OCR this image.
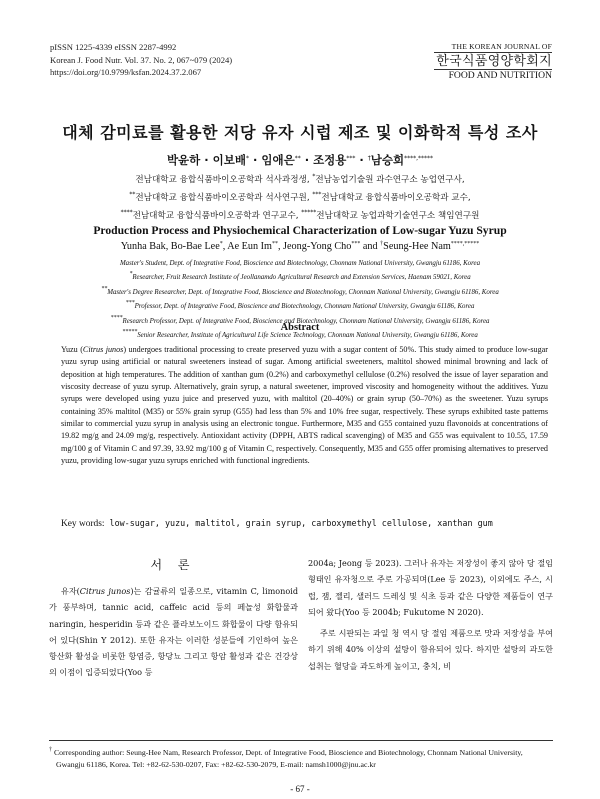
pISSN 1225-4339 eISSN 2287-4992
Korean J. Food Nutr. Vol. 37. No. 2, 067~079 (2024)
https://doi.org/10.9799/ksfan.2024.37.2.067
THE KOREAN JOURNAL OF
한국식품영양학회지
FOOD AND NUTRITION
대체 감미료를 활용한 저당 유자 시럽 제조 및 이화학적 특성 조사
박윤하 · 이보배* · 임애은** · 조정용*** · †남승희****,*****
전남대학교 융합식품바이오공학과 석사과정생, *전남농업기술원 과수연구소 농업연구사,
**전남대학교 융합식품바이오공학과 석사연구원, ***전남대학교 융합식품바이오공학과 교수,
****전남대학교 융합식품바이오공학과 연구교수, *****전남대학교 농업과학기술연구소 책임연구원
Production Process and Physiochemical Characterization of Low-sugar Yuzu Syrup
Yunha Bak, Bo-Bae Lee*, Ae Eun Im**, Jeong-Yong Cho*** and †Seung-Hee Nam****,*****
Master's Student, Dept. of Integrative Food, Bioscience and Biotechnology, Chonnam National University, Gwangju 61186, Korea
*Researcher, Fruit Research Institute of Jeollanamdo Agricultural Research and Extension Services, Haenam 59021, Korea
**Master's Degree Researcher, Dept. of Integrative Food, Bioscience and Biotechnology, Chonnam National University, Gwangju 61186, Korea
***Professor, Dept. of Integrative Food, Bioscience and Biotechnology, Chonnam National University, Gwangju 61186, Korea
****Research Professor, Dept. of Integrative Food, Bioscience and Biotechnology, Chonnam National University, Gwangju 61186, Korea
*****Senior Researcher, Institute of Agricultural Life Science Technology, Chonnam National University, Gwangju 61186, Korea
Abstract
Yuzu (Citrus junos) undergoes traditional processing to create preserved yuzu with a sugar content of 50%. This study aimed to produce low-sugar yuzu syrup using artificial or natural sweeteners instead of sugar. Among artificial sweeteners, maltitol showed minimal browning and lack of deposition at high temperatures. The addition of xanthan gum (0.2%) and carboxymethyl cellulose (0.2%) resolved the issue of layer separation and viscosity decrease of yuzu syrup. Alternatively, grain syrup, a natural sweetener, improved viscosity and homogeneity without the additives. Yuzu syrups were developed using yuzu juice and preserved yuzu, with maltitol (20–40%) or grain syrup (50–70%) as the sweetener. Yuzu syrups containing 35% maltitol (M35) or 55% grain syrup (G55) had less than 5% and 10% free sugar, respectively. These syrups exhibited taste patterns similar to commercial yuzu syrup in analysis using an electronic tongue. Furthermore, M35 and G55 contained yuzu flavonoids at concentrations of 19.82 mg/g and 24.09 mg/g, respectively. Antioxidant activity (DPPH, ABTS radical scavenging) of M35 and G55 was equivalent to 10.55, 17.59 mg/100 g of Vitamin C and 97.39, 33.92 mg/100 g of Vitamin C, respectively. Consequently, M35 and G55 offer promising alternatives to preserved yuzu, providing low-sugar yuzu syrups enriched with functional ingredients.
Key words: low-sugar, yuzu, maltitol, grain syrup, carboxymethyl cellulose, xanthan gum
서 론

유자(Citrus junos)는 감귤류의 일종으로, vitamin C, limonoid가 풍부하며, tannic acid, caffeic acid 등의 페놀성 화합물과 naringin, hesperidin 등과 같은 플라보노이드 화합물이 다량 함유되어 있다(Shin Y 2012). 또한 유자는 이러한 성분들에 기인하여 높은 항산화 활성을 비롯한 항염증, 항당뇨 그리고 항암 활성과 같은 건강상의 이점이 입증되었다(Yoo 등

2004a; Jeong 등 2023). 그러나 유자는 저장성이 좋지 않아 당 절임 형태인 유자청으로 주로 가공되며(Lee 등 2023), 이외에도 주스, 시럽, 잼, 젤리, 샐러드 드레싱 및 식초 등과 같은 다양한 제품들이 연구 되어 왔다(Yoo 등 2004b; Fukutome N 2020).

주로 시판되는 과일 청 역시 당 절임 제품으로 맛과 저장성을 부여하기 위해 40% 이상의 설탕이 함유되어 있다. 하지만 설탕의 과도한 섭취는 혈당을 과도하게 높이고, 충치, 비

† Corresponding author: Seung-Hee Nam, Research Professor, Dept. of Integrative Food, Bioscience and Biotechnology, Chonnam National University,
Gwangju 61186, Korea. Tel: +82-62-530-0207, Fax: +82-62-530-2079, E-mail: namsh1000@jnu.ac.kr
- 67 -
